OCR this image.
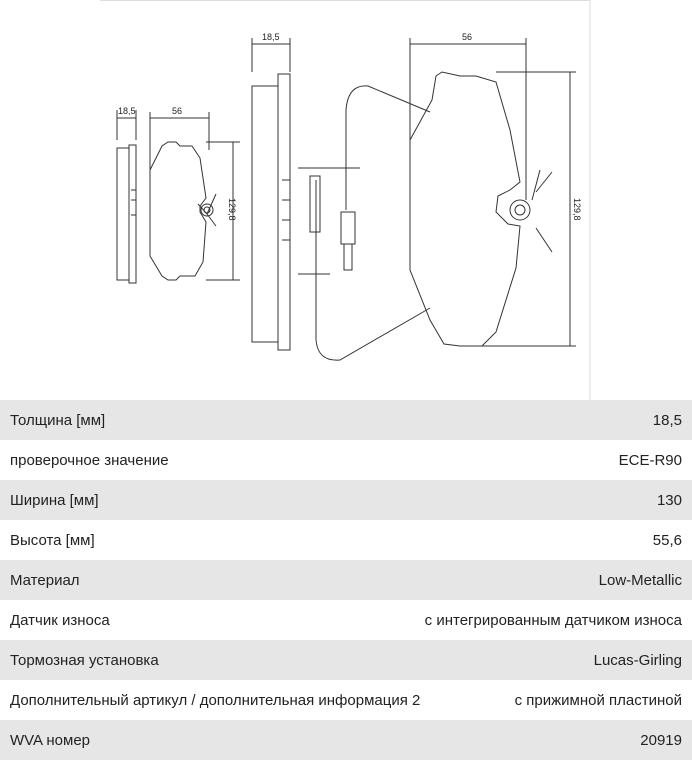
18,5	56
129,8
18,5	56
129,8
Толщина [мм]	18,5
проверочное значение	ECE-R90
Ширина [мм]	130
Высота [мм]	55,6
Материал	Low-Metallic
Датчик износа	с интегрированным датчиком износа
Тормозная установка	Lucas-Girling
Дополнительный артикул / дополнительная информация 2	с прижимной пластиной
WVA номер	20919
